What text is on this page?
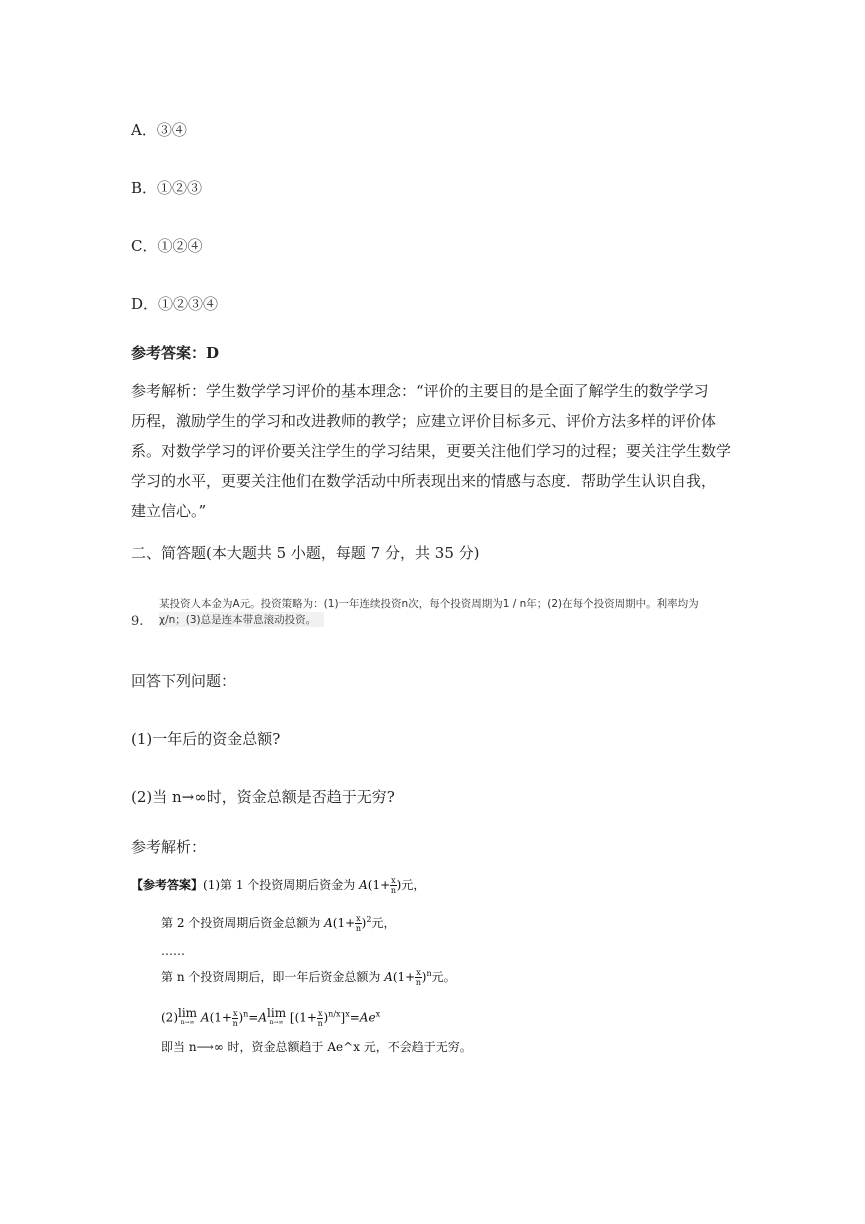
A．③④
B．①②③
C．①②④
D．①②③④
参考答案：D
参考解析：学生数学学习评价的基本理念：“评价的主要目的是全面了解学生的数学学习
历程，激励学生的学习和改进教师的教学；应建立评价目标多元、评价方法多样的评价体
系。对数学学习的评价要关注学生的学习结果，更要关注他们学习的过程；要关注学生数学
学习的水平，更要关注他们在数学活动中所表现出来的情感与态度．帮助学生认识自我，
建立信心。”
二、简答题(本大题共 5 小题，每题 7 分，共 35 分)
9.
某投资人本金为A元。投资策略为：(1)一年连续投资n次，每个投资周期为1 / n年；(2)在每个投资周期中。利率均为
χ/n；(3)总是连本带息滚动投资。
回答下列问题：
(1)一年后的资金总额?
(2)当 n→∞时，资金总额是否趋于无穷?
参考解析：
【参考答案】(1)第 1 个投资周期后资金为 $A(1+ \frac{x}{n}$ )元，
第 2 个投资周期后资金总额为 $A(1+ \frac{x}{n} )^2$元，
……
第 n 个投资周期后，即一年后资金总额为 $A(1+ \frac{x}{n} )^n$元。
(2)lim
n→∞ $A(1+ \frac{x}{n} )^n=Alim$
n→∞ $[(1+ \frac{x}{n} )^{n/x}]^x=Ae^x$
即当 n⟶∞ 时，资金总额趋于 Ae^x 元，不会趋于无穷。
